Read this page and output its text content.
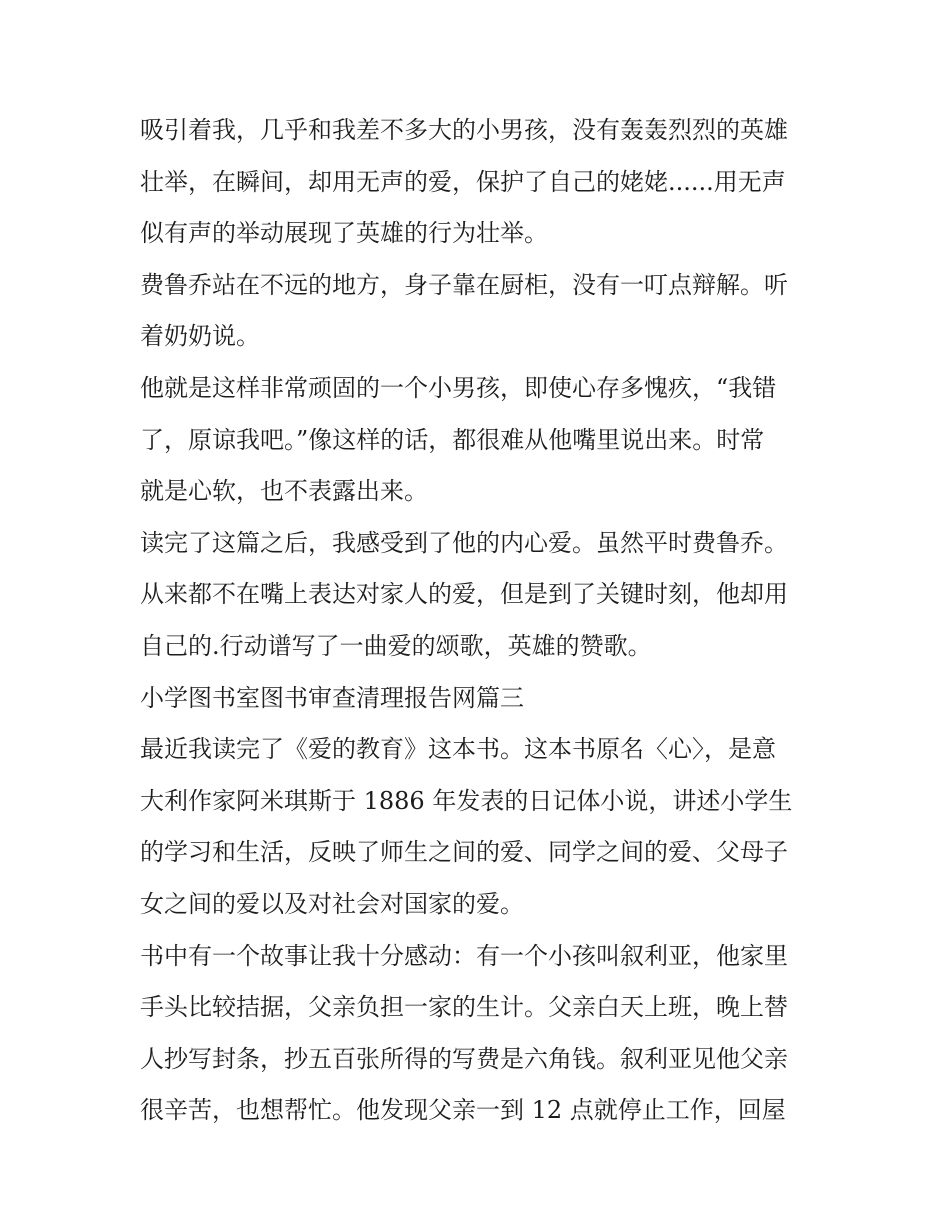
吸引着我，几乎和我差不多大的小男孩，没有轰轰烈烈的英雄
壮举，在瞬间，却用无声的爱，保护了自己的姥姥......用无声
似有声的举动展现了英雄的行为壮举。
费鲁乔站在不远的地方，身子靠在厨柜，没有一叮点辩解。听
着奶奶说。
他就是这样非常顽固的一个小男孩，即使心存多愧疚，“我错
了，原谅我吧。”像这样的话，都很难从他嘴里说出来。时常
就是心软，也不表露出来。
读完了这篇之后，我感受到了他的内心爱。虽然平时费鲁乔。
从来都不在嘴上表达对家人的爱，但是到了关键时刻，他却用
自己的.行动谱写了一曲爱的颂歌，英雄的赞歌。
小学图书室图书审查清理报告网篇三
最近我读完了《爱的教育》这本书。这本书原名〈心〉，是意
大利作家阿米琪斯于 1886 年发表的日记体小说，讲述小学生
的学习和生活，反映了师生之间的爱、同学之间的爱、父母子
女之间的爱以及对社会对国家的爱。
书中有一个故事让我十分感动：有一个小孩叫叙利亚，他家里
手头比较拮据，父亲负担一家的生计。父亲白天上班，晚上替
人抄写封条，抄五百张所得的写费是六角钱。叙利亚见他父亲
很辛苦，也想帮忙。他发现父亲一到 12 点就停止工作，回屋
